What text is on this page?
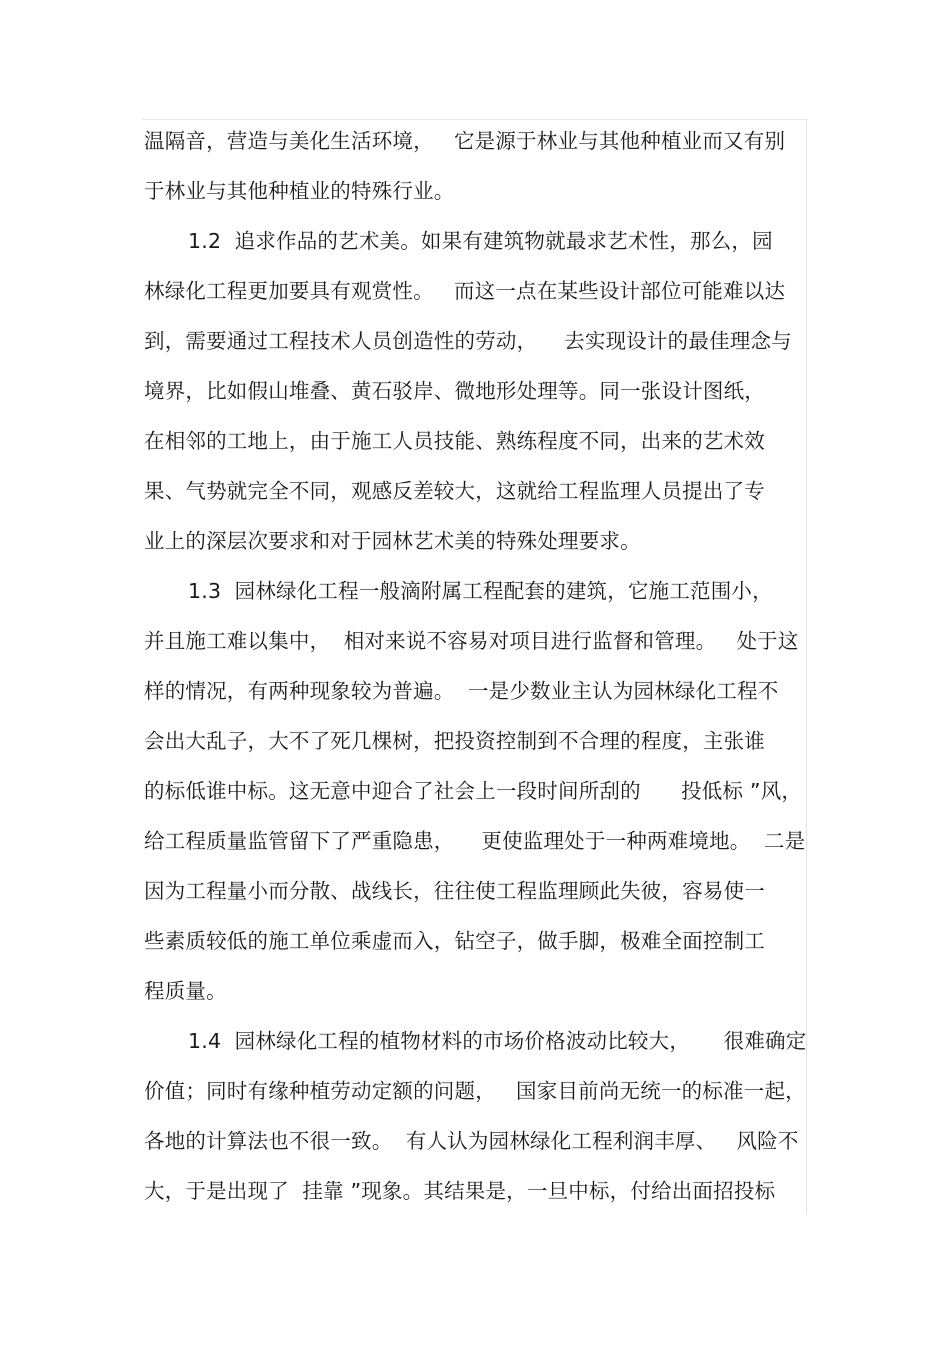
温隔音，营造与美化生活环境，   它是源于林业与其他种植业而又有别
于林业与其他种植业的特殊行业。
1.2  追求作品的艺术美。如果有建筑物就最求艺术性，那么，园
林绿化工程更加要具有观赏性。   而这一点在某些设计部位可能难以达
到，需要通过工程技术人员创造性的劳动，    去实现设计的最佳理念与
境界，比如假山堆叠、黄石驳岸、微地形处理等。同一张设计图纸，
在相邻的工地上，由于施工人员技能、熟练程度不同，出来的艺术效
果、气势就完全不同，观感反差较大，这就给工程监理人员提出了专
业上的深层次要求和对于园林艺术美的特殊处理要求。
1.3  园林绿化工程一般滴附属工程配套的建筑，它施工范围小，
并且施工难以集中，  相对来说不容易对项目进行监督和管理。   处于这
样的情况，有两种现象较为普遍。  一是少数业主认为园林绿化工程不
会出大乱子，大不了死几棵树，把投资控制到不合理的程度，主张谁
的标低谁中标。这无意中迎合了社会上一段时间所刮的      投低标 ”风，
给工程质量监管留下了严重隐患，    更使监理处于一种两难境地。  二是
因为工程量小而分散、战线长，往往使工程监理顾此失彼，容易使一
些素质较低的施工单位乘虚而入，钻空子，做手脚，极难全面控制工
程质量。
1.4  园林绿化工程的植物材料的市场价格波动比较大，     很难确定
价值；同时有缘种植劳动定额的问题，   国家目前尚无统一的标准一起，
各地的计算法也不很一致。  有人认为园林绿化工程利润丰厚、   风险不
大，于是出现了  挂靠 ”现象。其结果是，一旦中标，付给出面招投标
